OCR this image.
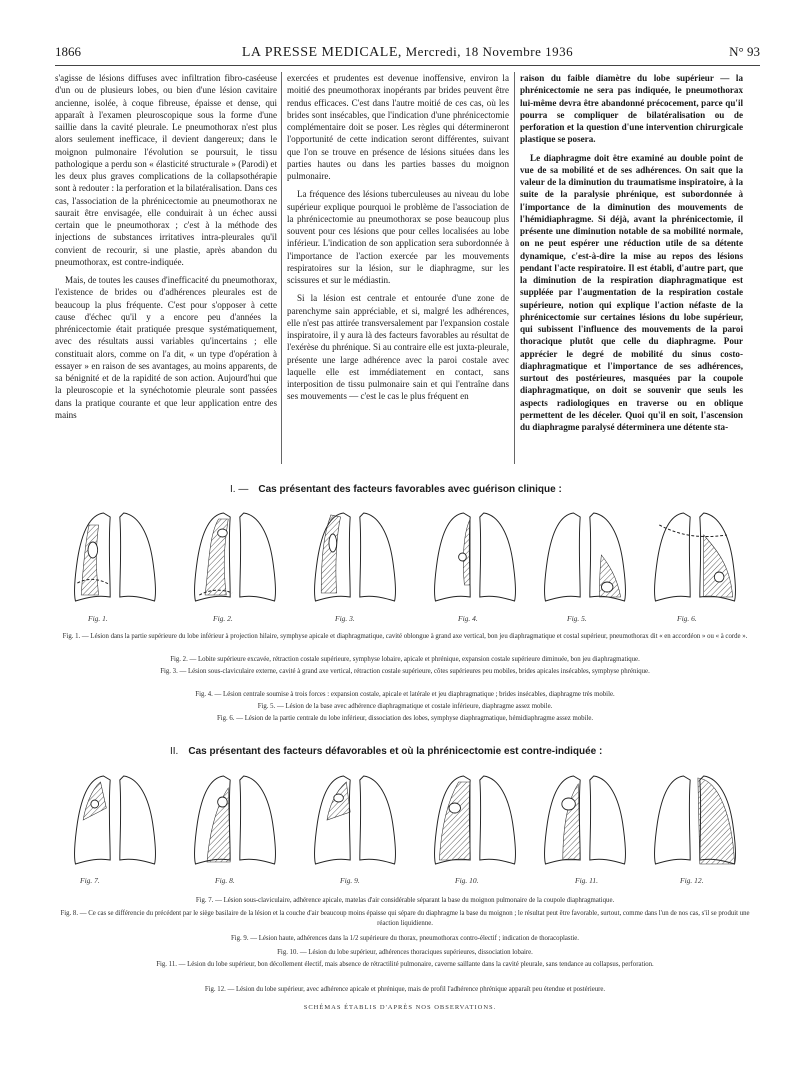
1866	LA PRESSE MEDICALE, Mercredi, 18 Novembre 1936	N° 93

s'agisse de lésions diffuses avec infiltration fibro-caséeuse d'un ou de plusieurs lobes, ou bien d'une lésion cavitaire ancienne, isolée, à coque fibreuse, épaisse et dense, qui apparaît à l'examen pleuroscopique sous la forme d'une saillie dans la cavité pleurale. Le pneumothorax n'est plus alors seulement inefficace, il devient dangereux; dans le moignon pulmonaire l'évolution se poursuit, le tissu pathologique a perdu son « élasticité structurale » (Parodi) et les deux plus graves complications de la collapsothérapie sont à redouter : la perforation et la bilatéralisation. Dans ces cas, l'association de la phrénicectomie au pneumothorax ne saurait être envisagée, elle conduirait à un échec aussi certain que le pneumothorax ; c'est à la méthode des injections de substances irritatives intra-pleurales qu'il convient de recourir, si une plastie, après abandon du pneumothorax, est contre-indiquée.

Mais, de toutes les causes d'inefficacité du pneumothorax, l'existence de brides ou d'adhérences pleurales est de beaucoup la plus fréquente. C'est pour s'opposer à cette cause d'échec qu'il y a encore peu d'années la phrénicectomie était pratiquée presque systématiquement, avec des résultats aussi variables qu'incertains ; elle constituait alors, comme on l'a dit, « un type d'opération à essayer » en raison de ses avantages, au moins apparents, de sa bénignité et de la rapidité de son action. Aujourd'hui que la pleuroscopie et la synéchotomie pleurale sont passées dans la pratique courante et que leur application entre des mains

exercées et prudentes est devenue inoffensive, environ la moitié des pneumothorax inopérants par brides peuvent être rendus efficaces. C'est dans l'autre moitié de ces cas, où les brides sont insécables, que l'indication d'une phrénicectomie complémentaire doit se poser. Les règles qui détermineront l'opportunité de cette indication seront différentes, suivant que l'on se trouve en présence de lésions situées dans les parties hautes ou dans les parties basses du moignon pulmonaire.

La fréquence des lésions tuberculeuses au niveau du lobe supérieur explique pourquoi le problème de l'association de la phrénicectomie au pneumothorax se pose beaucoup plus souvent pour ces lésions que pour celles localisées au lobe inférieur. L'indication de son application sera subordonnée à l'importance de l'action exercée par les mouvements respiratoires sur la lésion, sur le diaphragme, sur les scissures et sur le médiastin.

Si la lésion est centrale et entourée d'une zone de parenchyme sain appréciable, et si, malgré les adhérences, elle n'est pas attirée transversalement par l'expansion costale inspiratoire, il y aura là des facteurs favorables au résultat de l'exérèse du phrénique. Si au contraire elle est juxta-pleurale, présente une large adhérence avec la paroi costale avec laquelle elle est immédiatement en contact, sans interposition de tissu pulmonaire sain et qui l'entraîne dans ses mouvements — c'est le cas le plus fréquent en

raison du faible diamètre du lobe supérieur — la phrénicectomie ne sera pas indiquée, le pneumothorax lui-même devra être abandonné précocement, parce qu'il pourra se compliquer de bilatéralisation ou de perforation et la question d'une intervention chirurgicale plastique se posera.

Le diaphragme doit être examiné au double point de vue de sa mobilité et de ses adhérences. On sait que la valeur de la diminution du traumatisme inspiratoire, à la suite de la paralysie phrénique, est subordonnée à l'importance de la diminution des mouvements de l'hémidiaphragme. Si déjà, avant la phrénicectomie, il présente une diminution notable de sa mobilité normale, on ne peut espérer une réduction utile de sa détente dynamique, c'est-à-dire la mise au repos des lésions pendant l'acte respiratoire. Il est établi, d'autre part, que la diminution de la respiration diaphragmatique est suppléée par l'augmentation de la respiration costale supérieure, notion qui explique l'action néfaste de la phrénicectomie sur certaines lésions du lobe supérieur, qui subissent l'influence des mouvements de la paroi thoracique plutôt que celle du diaphragme. Pour apprécier le degré de mobilité du sinus costo-diaphragmatique et l'importance de ses adhérences, surtout des postérieures, masquées par la coupole diaphragmatique, on doit se souvenir que seuls les aspects radiologiques en traverse ou en oblique permettent de les déceler. Quoi qu'il en soit, l'ascension du diaphragme paralysé déterminera une détente sta-

I. — Cas présentant des facteurs favorables avec guérison clinique :
Fig. 1.	Fig. 2.	Fig. 3.	Fig. 4.	Fig. 5.	Fig. 6.
Fig. 1. — Lésion dans la partie supérieure du lobe inférieur à projection hilaire, symphyse apicale et diaphragmatique, cavité oblongue à grand axe vertical, bon jeu diaphragmatique et costal supérieur, pneumothorax dit « en accordéon » ou « à corde ».
Fig. 2. — Lobite supérieure excavée, rétraction costale supérieure, symphyse lobaire, apicale et phrénique, expansion costale supérieure diminuée, bon jeu diaphragmatique.
Fig. 3. — Lésion sous-claviculaire externe, cavité à grand axe vertical, rétraction costale supérieure, côtes supérieures peu mobiles, brides apicales insécables, symphyse phrénique.
Fig. 4. — Lésion centrale soumise à trois forces : expansion costale, apicale et latérale et jeu diaphragmatique ; brides insécables, diaphragme très mobile.
Fig. 5. — Lésion de la base avec adhérence diaphragmatique et costale inférieure, diaphragme assez mobile.
Fig. 6. — Lésion de la partie centrale du lobe inférieur, dissociation des lobes, symphyse diaphragmatique, hémidiaphragme assez mobile.
II. Cas présentant des facteurs défavorables et où la phrénicectomie est contre-indiquée :
Fig. 7.	Fig. 8.	Fig. 9.	Fig. 10.	Fig. 11.	Fig. 12.
Fig. 7. — Lésion sous-claviculaire, adhérence apicale, matelas d'air considérable séparant la base du moignon pulmonaire de la coupole diaphragmatique.
Fig. 8. — Ce cas se différencie du précédent par le siège basilaire de la lésion et la couche d'air beaucoup moins épaisse qui sépare du diaphragme la base du moignon ; le résultat peut être favorable, surtout, comme dans l'un de nos cas, s'il se produit une réaction liquidienne.
Fig. 9. — Lésion haute, adhérences dans la 1/2 supérieure du thorax, pneumothorax contro-électif ; indication de thoracoplastie.
Fig. 10. — Lésion du lobe supérieur, adhérences thoraciques supérieures, dissociation lobaire.
Fig. 11. — Lésion du lobe supérieur, bon décollement électif, mais absence de rétractilité pulmonaire, caverne saillante dans la cavité pleurale, sans tendance au collapsus, perforation.
Fig. 12. — Lésion du lobe supérieur, avec adhérence apicale et phrénique, mais de profil l'adhérence phrénique apparaît peu étendue et postérieure.
SCHÉMAS ÉTABLIS D'APRÈS NOS OBSERVATIONS.
